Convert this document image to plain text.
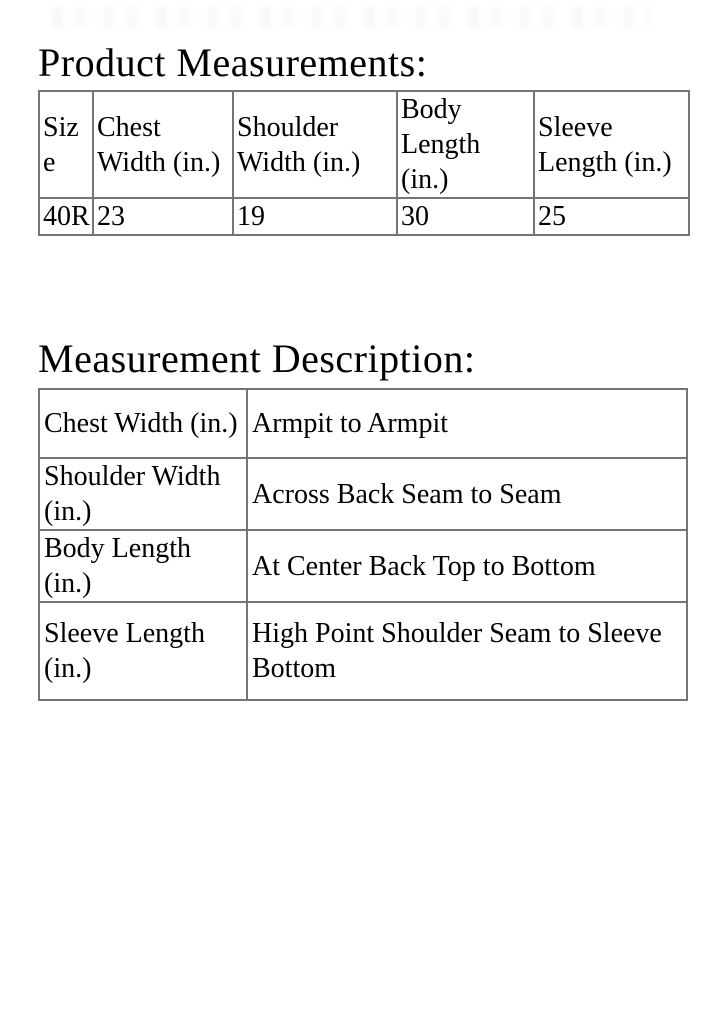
Product Measurements:
Size	Chest Width (in.)	Shoulder Width (in.)	Body Length (in.)	Sleeve Length (in.)
40R	23	19	30	25
Measurement Description:
Chest Width (in.)	Armpit to Armpit
Shoulder Width (in.)	Across Back Seam to Seam
Body Length (in.)	At Center Back Top to Bottom
Sleeve Length (in.)	High Point Shoulder Seam to Sleeve Bottom
